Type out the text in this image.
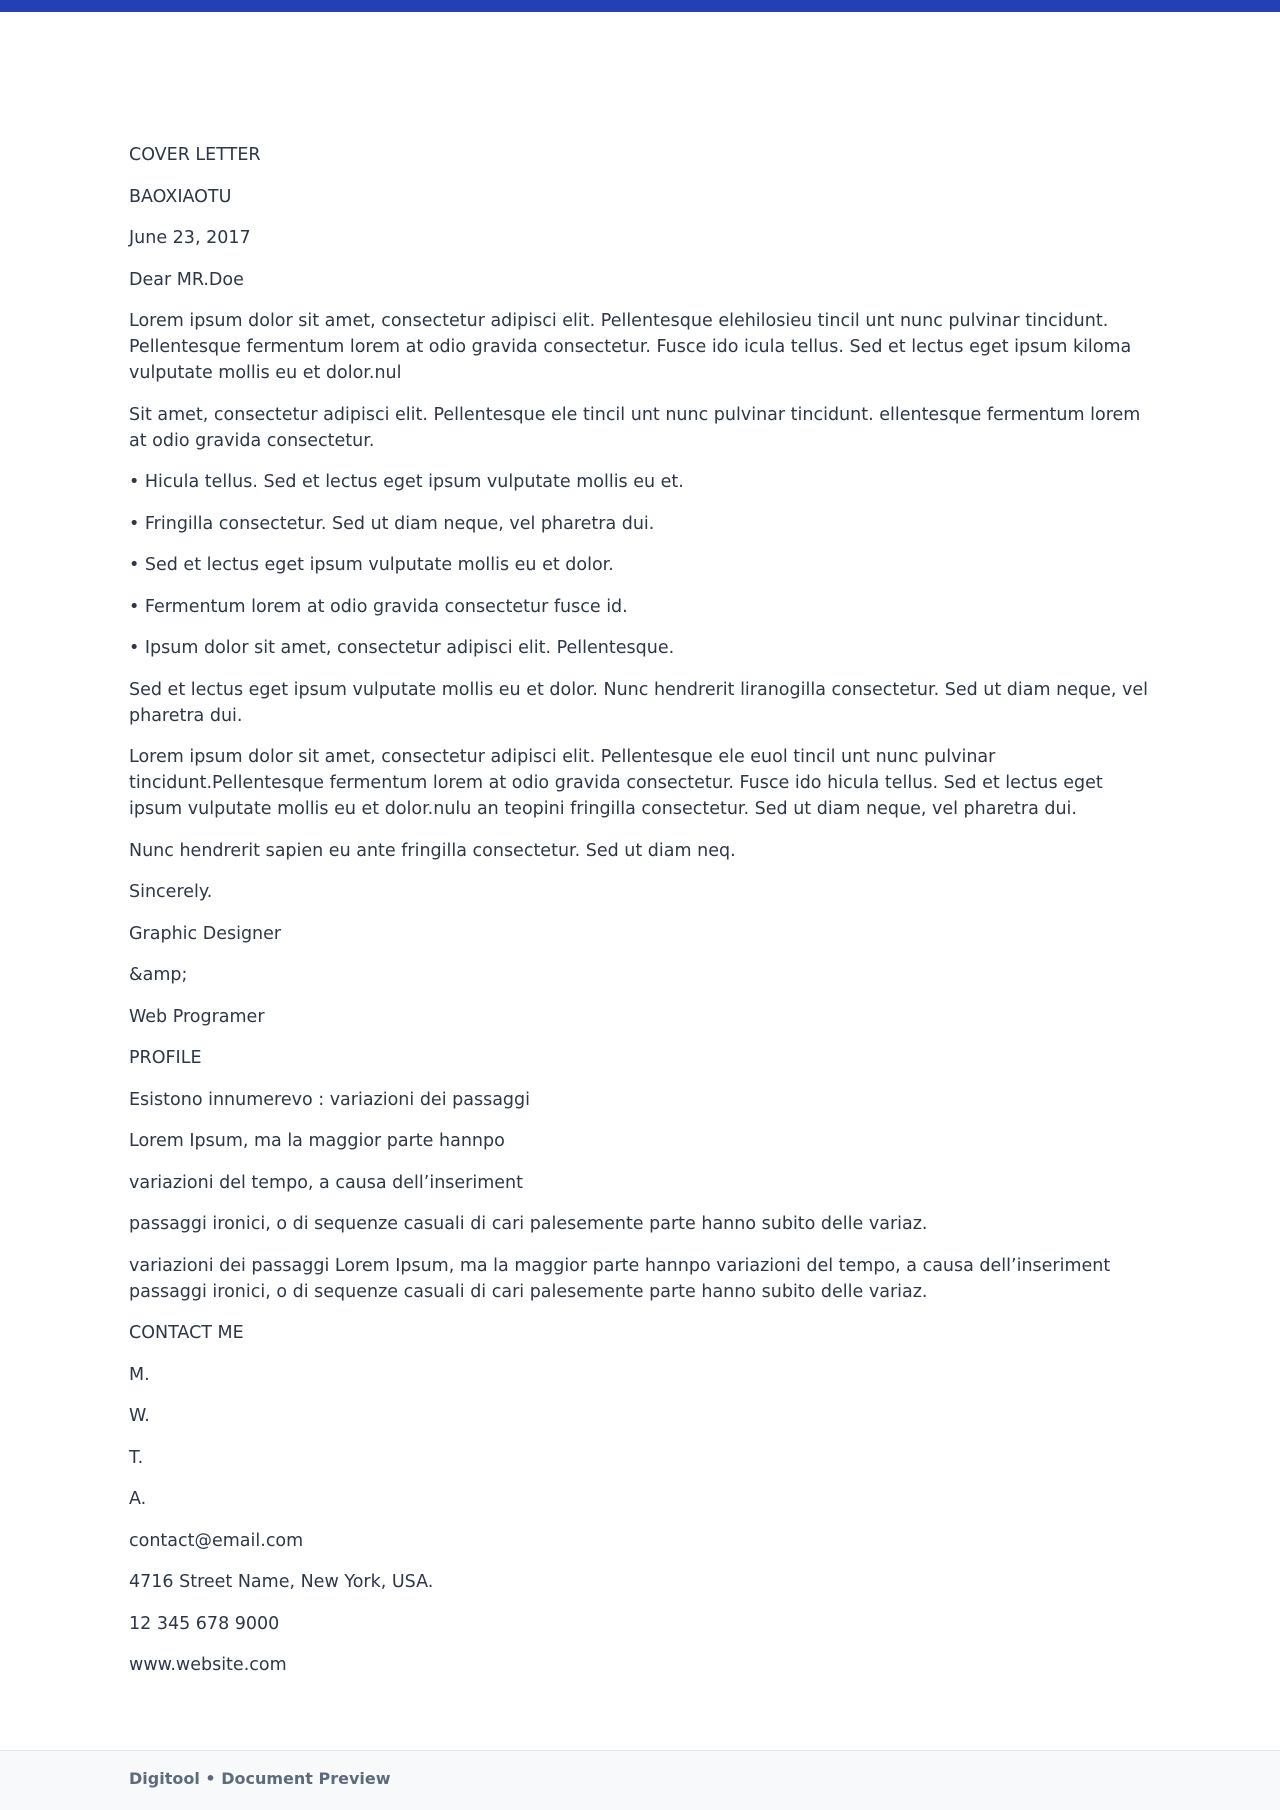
COVER LETTER

BAOXIAOTU

June 23, 2017

Dear MR.Doe

Lorem ipsum dolor sit amet, consectetur adipisci elit. Pellentesque elehilosieu tincil unt nunc pulvinar tincidunt. Pellentesque fermentum lorem at odio gravida consectetur. Fusce ido icula tellus. Sed et lectus eget ipsum kiloma vulputate mollis eu et dolor.nul

Sit amet, consectetur adipisci elit. Pellentesque ele tincil unt nunc pulvinar tincidunt. ellentesque fermentum lorem at odio gravida consectetur.

• Hicula tellus. Sed et lectus eget ipsum vulputate mollis eu et.

• Fringilla consectetur. Sed ut diam neque, vel pharetra dui.

• Sed et lectus eget ipsum vulputate mollis eu et dolor.

• Fermentum lorem at odio gravida consectetur fusce id.

• Ipsum dolor sit amet, consectetur adipisci elit. Pellentesque.

Sed et lectus eget ipsum vulputate mollis eu et dolor. Nunc hendrerit liranogilla consectetur. Sed ut diam neque, vel pharetra dui.

Lorem ipsum dolor sit amet, consectetur adipisci elit. Pellentesque ele euol tincil unt nunc pulvinar tincidunt.Pellentesque fermentum lorem at odio gravida consectetur. Fusce ido hicula tellus. Sed et lectus eget ipsum vulputate mollis eu et dolor.nulu an teopini fringilla consectetur. Sed ut diam neque, vel pharetra dui.

Nunc hendrerit sapien eu ante fringilla consectetur. Sed ut diam neq.

Sincerely.

Graphic Designer

&amp;

Web Programer

PROFILE

Esistono innumerevo : variazioni dei passaggi

Lorem Ipsum, ma la maggior parte hannpo

variazioni del tempo, a causa dell’inseriment

passaggi ironici, o di sequenze casuali di cari palesemente parte hanno subito delle variaz.

variazioni dei passaggi Lorem Ipsum, ma la maggior parte hannpo variazioni del tempo, a causa dell’inseriment passaggi ironici, o di sequenze casuali di cari palesemente parte hanno subito delle variaz.

CONTACT ME

M.

W.

T.

A.

contact@email.com

4716 Street Name, New York, USA.

12 345 678 9000

www.website.com

Digitool • Document Preview
